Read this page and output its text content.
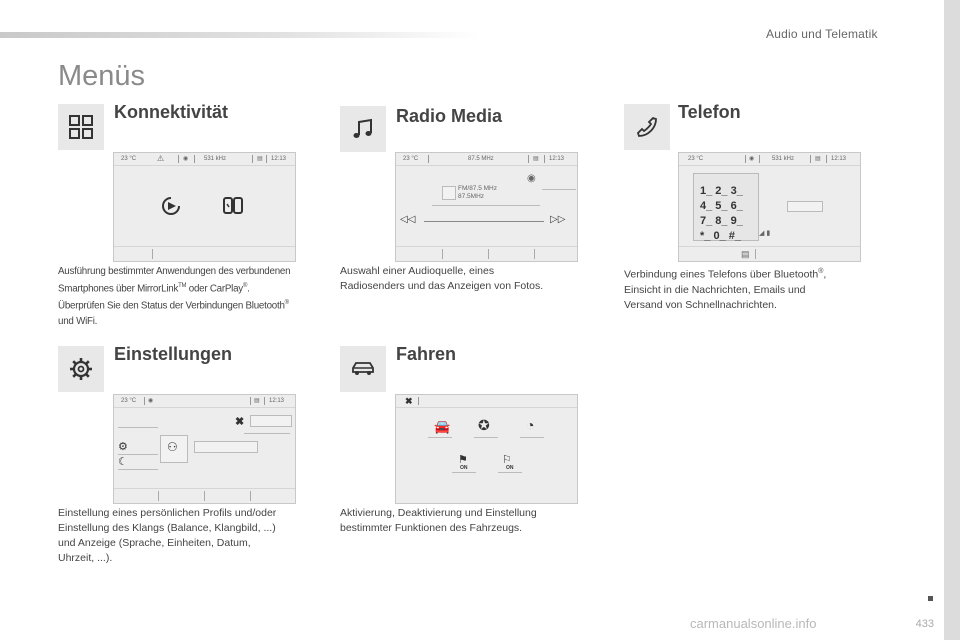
Audio und Telematik
Menüs
Konnektivität
23 °C	⚠	◉	531 kHz	▤ 12:13
Ausführung bestimmter Anwendungen des verbundenen
Smartphones über MirrorLink™ oder CarPlay®.
Überprüfen Sie den Status der Verbindungen Bluetooth®
und WiFi.
Radio Media
23 °C	87.5 MHz	▤ 12:13
◉
FM/87.5 MHz
87.5MHz
◁◁	▷▷
Auswahl einer Audioquelle, eines
Radiosenders und das Anzeigen von Fotos.
Telefon
23 °C	◉	531 kHz	▤ 12:13
◢ ▮
▤
1_ 2_ 3_
4_ 5_ 6_
7_ 8_ 9_
*_ 0_ #_
Verbindung eines Telefons über Bluetooth®,
Einsicht in die Nachrichten, Emails und
Versand von Schnellnachrichten.
Einstellungen
23 °C ◉	▤ 12:13
✖
⚙
☾
⚇
Einstellung eines persönlichen Profils und/oder
Einstellung des Klangs (Balance, Klangbild, ...)
und Anzeige (Sprache, Einheiten, Datum,
Uhrzeit, ...).
Fahren
✖
🚘 ✪	◔
⚑
ON
⚐
ON
Aktivierung, Deaktivierung und Einstellung
bestimmter Funktionen des Fahrzeugs.
433
carmanualsonline.info
